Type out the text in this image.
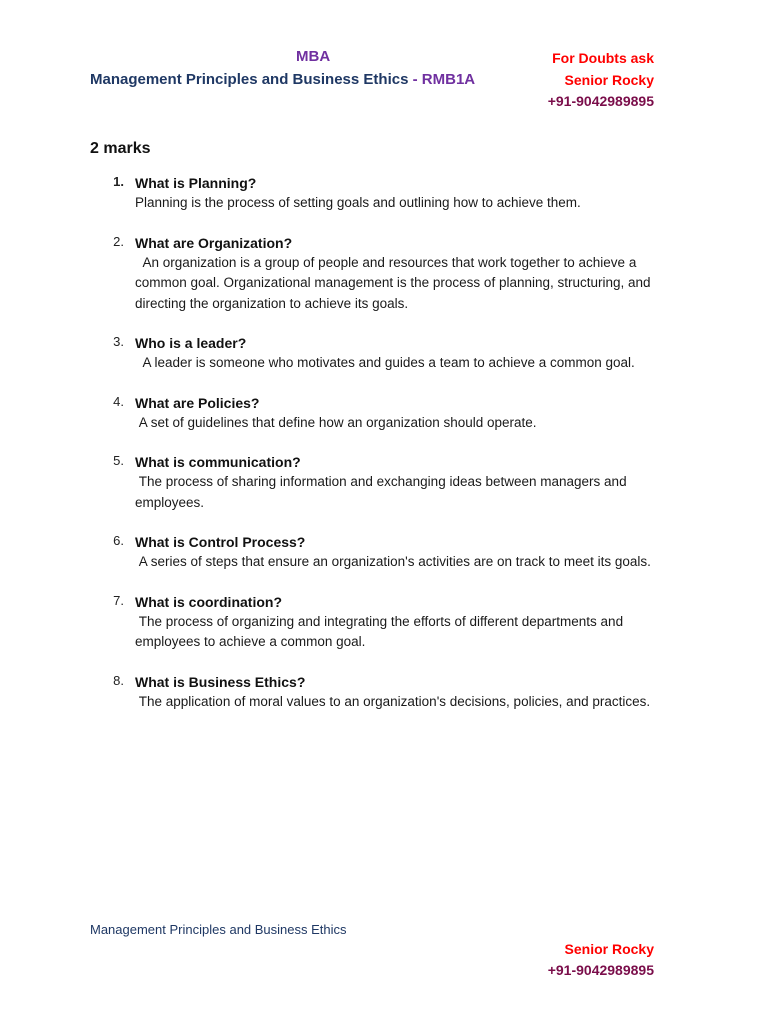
MBA
Management Principles and Business Ethics - RMB1A
For Doubts ask
Senior Rocky
+91-9042989895
2 marks
1. What is Planning?
Planning is the process of setting goals and outlining how to achieve them.
2. What are Organization?
An organization is a group of people and resources that work together to achieve a common goal. Organizational management is the process of planning, structuring, and directing the organization to achieve its goals.
3. Who is a leader?
A leader is someone who motivates and guides a team to achieve a common goal.
4. What are Policies?
A set of guidelines that define how an organization should operate.
5. What is communication?
The process of sharing information and exchanging ideas between managers and employees.
6. What is Control Process?
A series of steps that ensure an organization's activities are on track to meet its goals.
7. What is coordination?
The process of organizing and integrating the efforts of different departments and employees to achieve a common goal.
8. What is Business Ethics?
The application of moral values to an organization's decisions, policies, and practices.
Management Principles and Business Ethics
Senior Rocky
+91-9042989895
